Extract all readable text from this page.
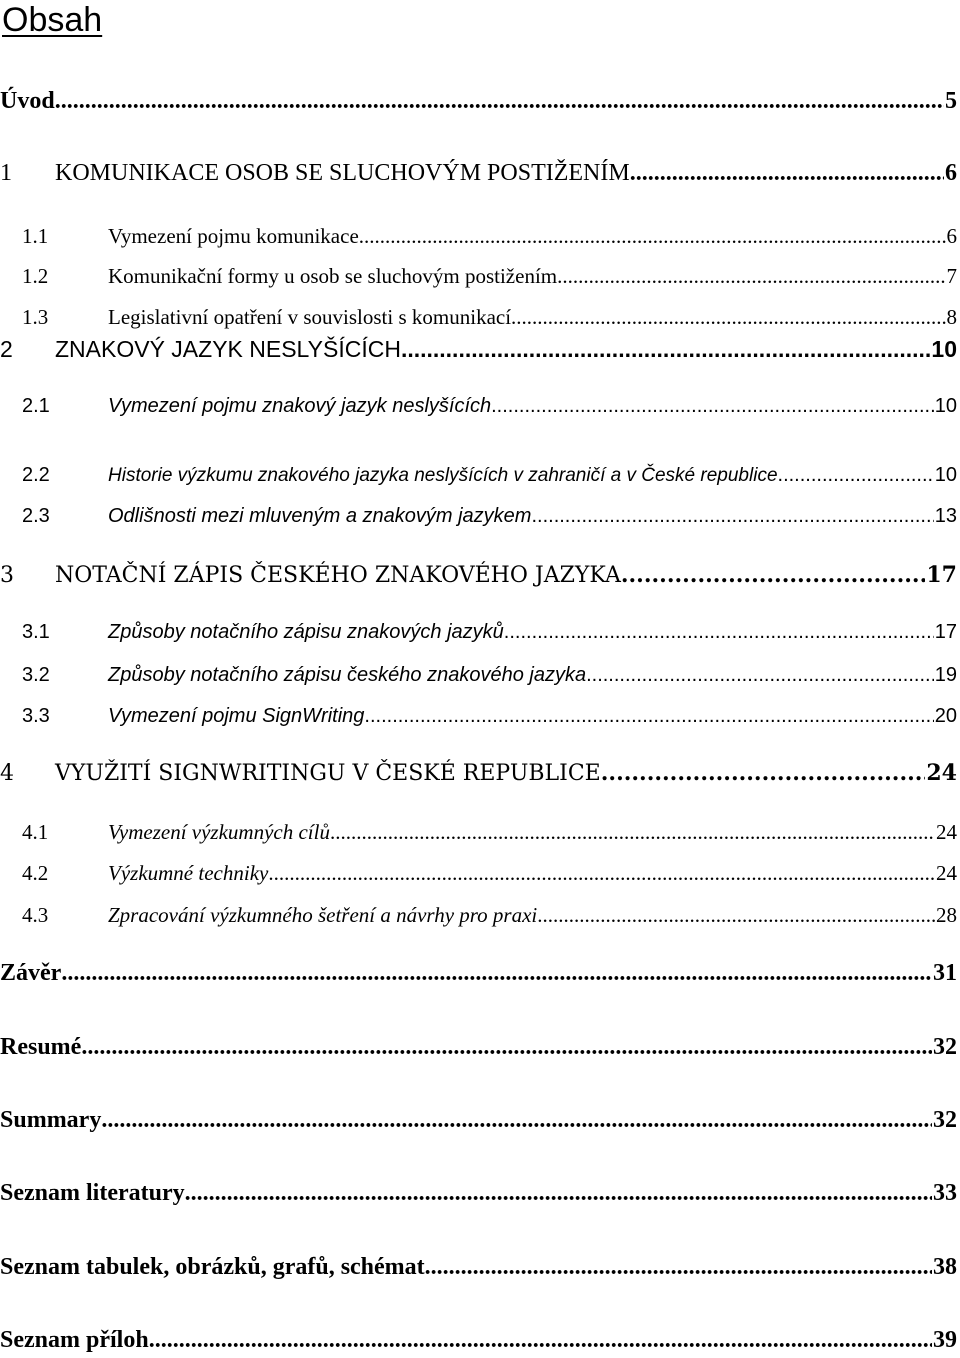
Obsah
Úvod .....	5
1	KOMUNIKACE OSOB SE SLUCHOVÝM POSTIŽENÍM .....	6
1.1	Vymezení pojmu komunikace .....	6
1.2	Komunikační formy u osob se sluchovým postižením .....	7
1.3	Legislativní opatření v souvislosti s komunikací .....	8
2	ZNAKOVÝ JAZYK NESLYŠÍCÍCH .....	10
2.1	Vymezení pojmu znakový jazyk neslyšících .....	10
2.2	Historie výzkumu znakového jazyka neslyšících v zahraničí a v České republice .....	10
2.3	Odlišnosti mezi mluveným a znakovým jazykem .....	13
3	NOTAČNÍ ZÁPIS ČESKÉHO ZNAKOVÉHO JAZYKA .....	17
3.1	Způsoby notačního zápisu znakových jazyků .....	17
3.2	Způsoby notačního zápisu českého znakového jazyka .....	19
3.3	Vymezení pojmu SignWriting .....	20
4	VYUŽITÍ SIGNWRITINGU V ČESKÉ REPUBLICE .....	24
4.1	Vymezení výzkumných cílů .....	24
4.2	Výzkumné techniky .....	24
4.3	Zpracování výzkumného šetření a návrhy pro praxi .....	28
Závěr .....	31
Resumé .....	32
Summary .....	32
Seznam literatury .....	33
Seznam tabulek, obrázků, grafů, schémat .....	38
Seznam příloh .....	39
